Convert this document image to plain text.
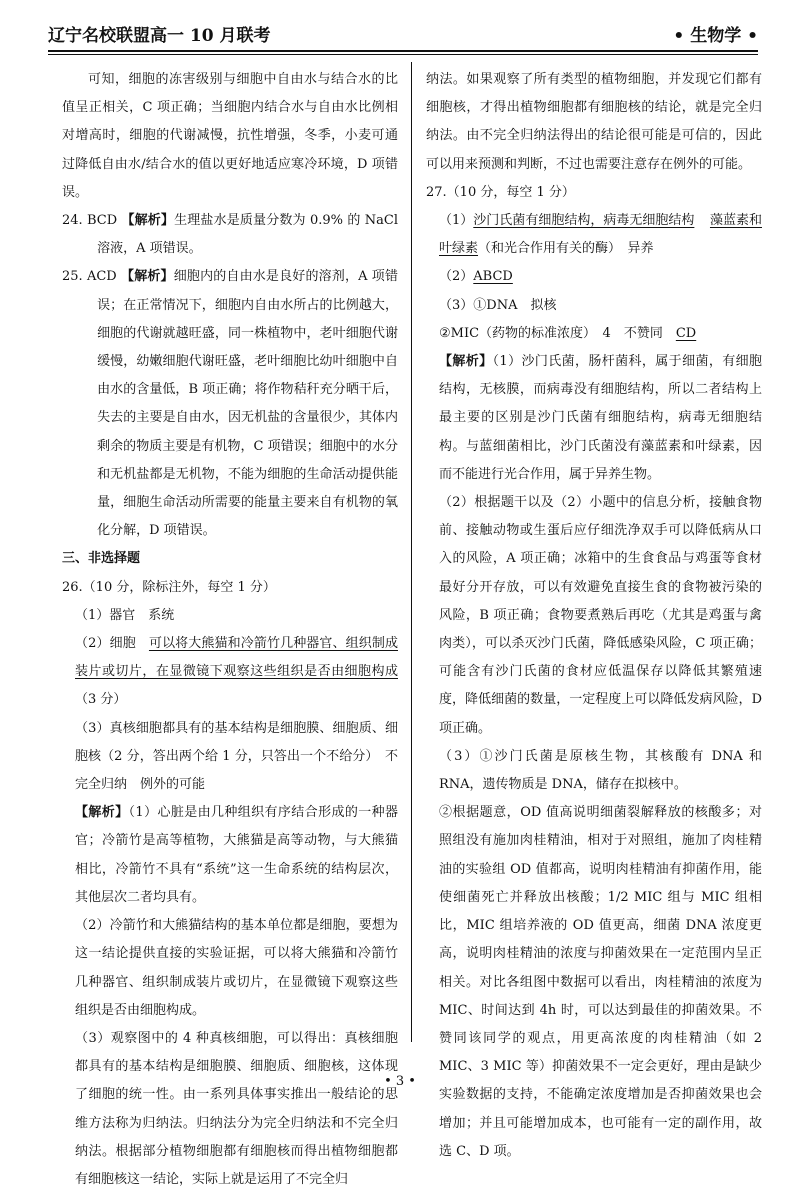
辽宁名校联盟高一 10 月联考	• 生物学 •

可知，细胞的冻害级别与细胞中自由水与结合水的比值呈正相关，C 项正确；当细胞内结合水与自由水比例相对增高时，细胞的代谢减慢，抗性增强，冬季，小麦可通过降低自由水/结合水的值以更好地适应寒冷环境，D 项错误。

24. BCD 【解析】生理盐水是质量分数为 0.9% 的 NaCl 溶液，A 项错误。

25. ACD 【解析】细胞内的自由水是良好的溶剂，A 项错误；在正常情况下，细胞内自由水所占的比例越大，细胞的代谢就越旺盛，同一株植物中，老叶细胞代谢缓慢，幼嫩细胞代谢旺盛，老叶细胞比幼叶细胞中自由水的含量低，B 项正确；将作物秸秆充分晒干后，失去的主要是自由水，因无机盐的含量很少，其体内剩余的物质主要是有机物，C 项错误；细胞中的水分和无机盐都是无机物，不能为细胞的生命活动提供能量，细胞生命活动所需要的能量主要来自有机物的氧化分解，D 项错误。

三、非选择题

26.（10 分，除标注外，每空 1 分）

（1）器官　系统

（2）细胞　可以将大熊猫和冷箭竹几种器官、组织制成装片或切片，在显微镜下观察这些组织是否由细胞构成（3 分）

（3）真核细胞都具有的基本结构是细胞膜、细胞质、细胞核（2 分，答出两个给 1 分，只答出一个不给分）　不完全归纳　例外的可能

【解析】（1）心脏是由几种组织有序结合形成的一种器官；冷箭竹是高等植物，大熊猫是高等动物，与大熊猫相比，冷箭竹不具有“系统”这一生命系统的结构层次，其他层次二者均具有。

（2）冷箭竹和大熊猫结构的基本单位都是细胞，要想为这一结论提供直接的实验证据，可以将大熊猫和冷箭竹几种器官、组织制成装片或切片，在显微镜下观察这些组织是否由细胞构成。

（3）观察图中的 4 种真核细胞，可以得出：真核细胞都具有的基本结构是细胞膜、细胞质、细胞核，这体现了细胞的统一性。由一系列具体事实推出一般结论的思维方法称为归纳法。归纳法分为完全归纳法和不完全归纳法。根据部分植物细胞都有细胞核而得出植物细胞都有细胞核这一结论，实际上就是运用了不完全归

纳法。如果观察了所有类型的植物细胞，并发现它们都有细胞核，才得出植物细胞都有细胞核的结论，就是完全归纳法。由不完全归纳法得出的结论很可能是可信的，因此可以用来预测和判断，不过也需要注意存在例外的可能。

27.（10 分，每空 1 分）

（1）沙门氏菌有细胞结构，病毒无细胞结构 藻蓝素和叶绿素（和光合作用有关的酶）　异养

（2）ABCD

（3）①DNA　拟核

②MIC（药物的标准浓度）　4　不赞同　CD

【解析】（1）沙门氏菌，肠杆菌科，属于细菌，有细胞结构，无核膜，而病毒没有细胞结构，所以二者结构上最主要的区别是沙门氏菌有细胞结构，病毒无细胞结构。与蓝细菌相比，沙门氏菌没有藻蓝素和叶绿素，因而不能进行光合作用，属于异养生物。

（2）根据题干以及（2）小题中的信息分析，接触食物前、接触动物或生蛋后应仔细洗净双手可以降低病从口入的风险，A 项正确；冰箱中的生食食品与鸡蛋等食材最好分开存放，可以有效避免直接生食的食物被污染的风险，B 项正确；食物要煮熟后再吃（尤其是鸡蛋与禽肉类），可以杀灭沙门氏菌，降低感染风险，C 项正确；可能含有沙门氏菌的食材应低温保存以降低其繁殖速度，降低细菌的数量，一定程度上可以降低发病风险，D 项正确。

（3）①沙门氏菌是原核生物，其核酸有 DNA 和 RNA，遗传物质是 DNA，储存在拟核中。

②根据题意，OD 值高说明细菌裂解释放的核酸多；对照组没有施加肉桂精油，相对于对照组，施加了肉桂精油的实验组 OD 值都高，说明肉桂精油有抑菌作用，能使细菌死亡并释放出核酸；1/2 MIC 组与 MIC 组相比，MIC 组培养液的 OD 值更高，细菌 DNA 浓度更高，说明肉桂精油的浓度与抑菌效果在一定范围内呈正相关。对比各组图中数据可以看出，肉桂精油的浓度为 MIC、时间达到 4h 时，可以达到最佳的抑菌效果。不赞同该同学的观点，用更高浓度的肉桂精油（如 2 MIC、3 MIC 等）抑菌效果不一定会更好，理由是缺少实验数据的支持，不能确定浓度增加是否抑菌效果也会增加；并且可能增加成本，也可能有一定的副作用，故选 C、D 项。

• 3 •
